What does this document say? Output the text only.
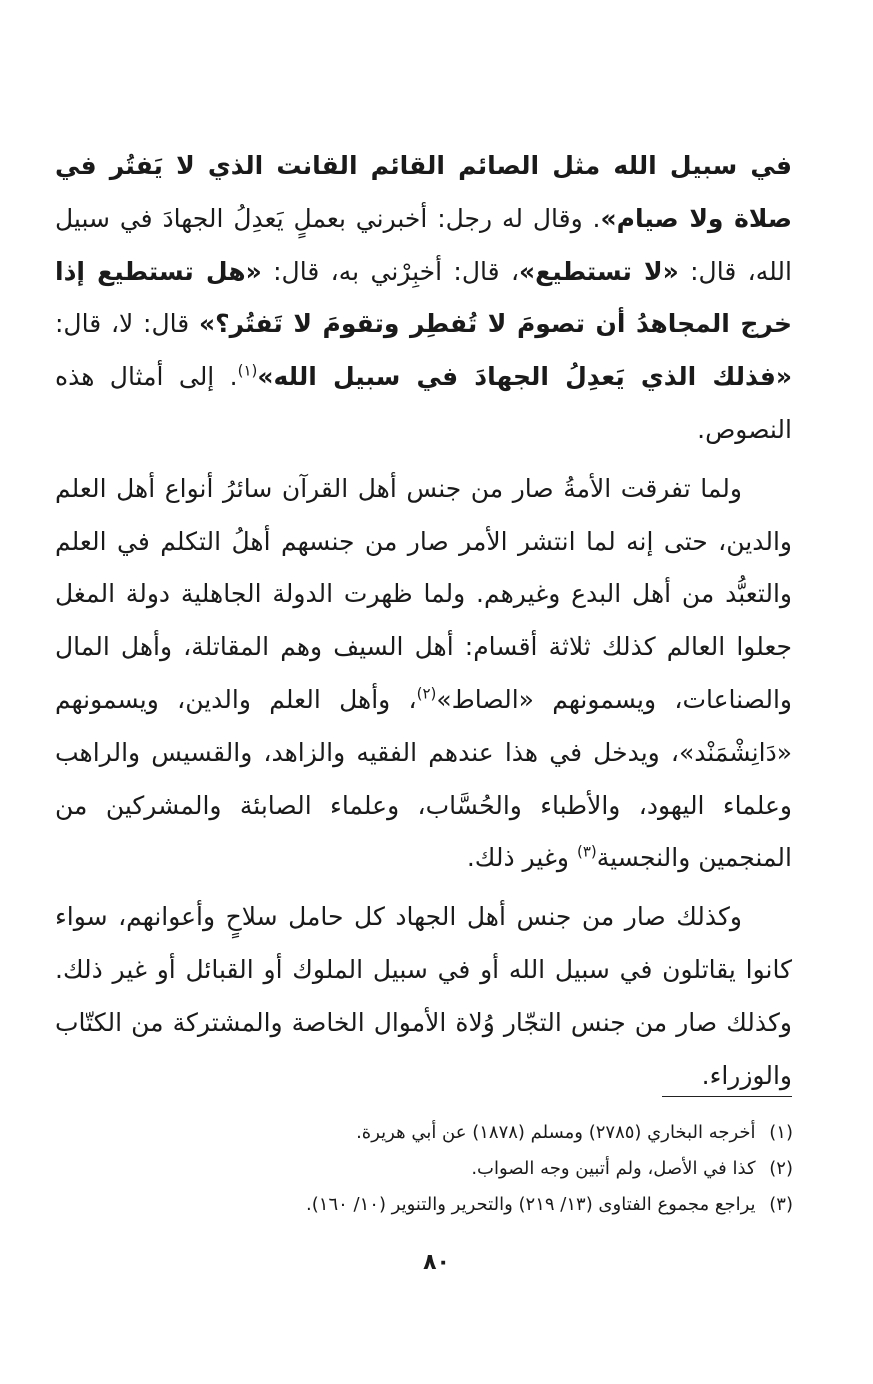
في سبيل الله مثل الصائم القائم القانت الذي لا يَفتُر في صلاة ولا صيام». وقال له رجل: أخبرني بعملٍ يَعدِلُ الجهادَ في سبيل الله، قال: «لا تستطيع»، قال: أخبِرْني به، قال: «هل تستطيع إذا خرج المجاهدُ أن تصومَ لا تُفطِر وتقومَ لا تَفتُر؟» قال: لا، قال: «فذلك الذي يَعدِلُ الجهادَ في سبيل الله»$^{(١)}$. إلى أمثال هذه النصوص.

ولما تفرقت الأمةُ صار من جنس أهل القرآن سائرُ أنواع أهل العلم والدين، حتى إنه لما انتشر الأمر صار من جنسهم أهلُ التكلم في العلم والتعبُّد من أهل البدع وغيرهم. ولما ظهرت الدولة الجاهلية دولة المغل جعلوا العالم كذلك ثلاثة أقسام: أهل السيف وهم المقاتلة، وأهل المال والصناعات، ويسمونهم «الصاط»$^{(٢)}$، وأهل العلم والدين، ويسمونهم «دَانِشْمَنْد»، ويدخل في هذا عندهم الفقيه والزاهد، والقسيس والراهب وعلماء اليهود، والأطباء والحُسَّاب، وعلماء الصابئة والمشركين من المنجمين والنجسية$^{(٣)}$ وغير ذلك.

وكذلك صار من جنس أهل الجهاد كل حامل سلاحٍ وأعوانهم، سواء كانوا يقاتلون في سبيل الله أو في سبيل الملوك أو القبائل أو غير ذلك. وكذلك صار من جنس التجّار وُلاة الأموال الخاصة والمشتركة من الكتّاب والوزراء.

(١) أخرجه البخاري (٢٧٨٥) ومسلم (١٨٧٨) عن أبي هريرة.

(٢) كذا في الأصل، ولم أتبين وجه الصواب.

(٣) يراجع مجموع الفتاوى (١٣/ ٢١٩) والتحرير والتنوير (١٠/ ١٦٠).

٨٠
